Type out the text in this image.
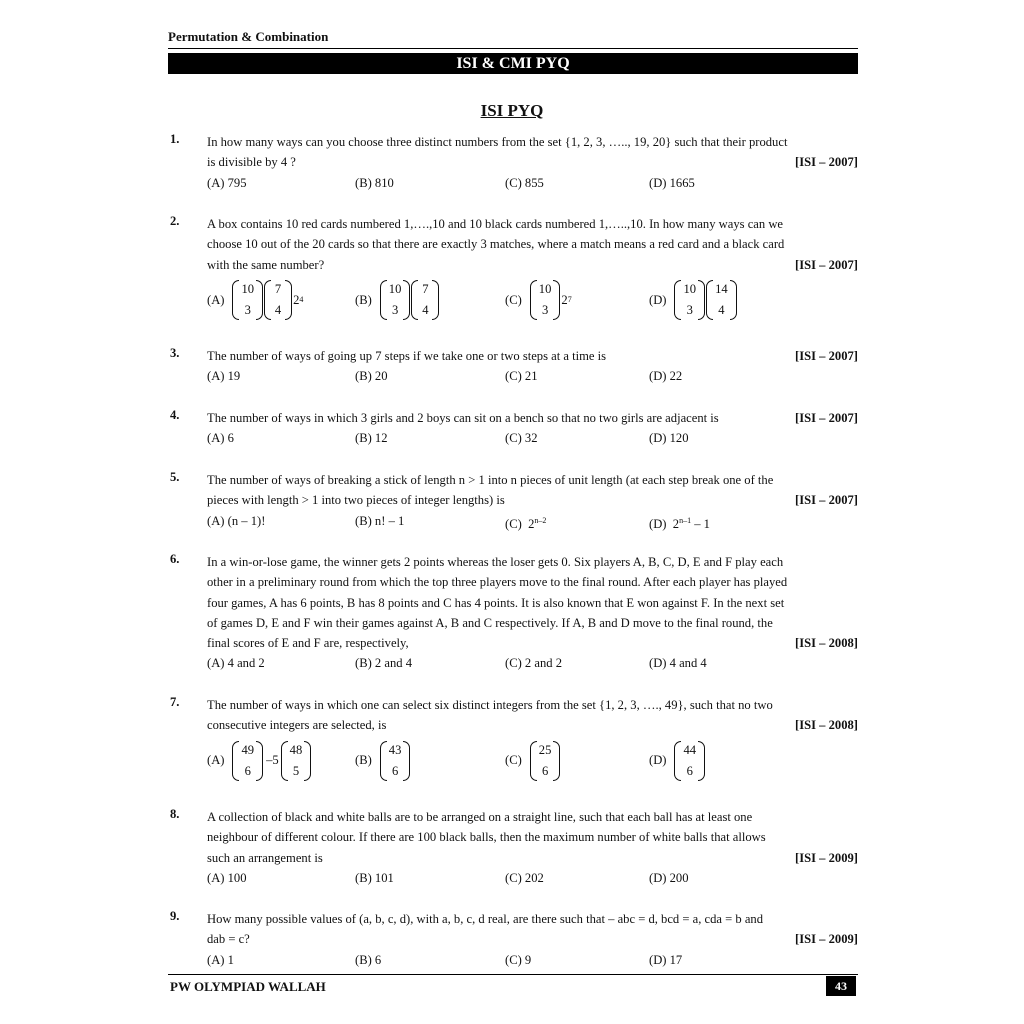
Permutation & Combination
ISI & CMI PYQ
ISI PYQ
1. In how many ways can you choose three distinct numbers from the set {1, 2, 3, ….., 19, 20} such that their product
is divisible by 4 ?	[ISI – 2007]
(A) 795	(B) 810	(C) 855	(D) 1665
2. A box contains 10 red cards numbered 1,….,10 and 10 black cards numbered 1,…..,10. In how many ways can we
choose 10 out of the 20 cards so that there are exactly 3 matches, where a match means a red card and a black card
with the same number?	[ISI – 2007]
(A)
10
3
7
4
2 4	(B)
10
3
7
4
(C)
10
3
2 7	(D)
10
3
14
4
3. The number of ways of going up 7 steps if we take one or two steps at a time is	[ISI – 2007]
(A) 19	(B) 20	(C) 21	(D) 22
4. The number of ways in which 3 girls and 2 boys can sit on a bench so that no two girls are adjacent is	[ISI – 2007]
(A) 6	(B) 12	(C) 32	(D) 120
5. The number of ways of breaking a stick of length n > 1 into n pieces of unit length (at each step break one of the
pieces with length > 1 into two pieces of integer lengths) is	[ISI – 2007]
(A) (n – 1)!	(B) n! – 1	(C) 2$^{n-2}$	(D) 2$^{n-1}$ – 1
6. In a win-or-lose game, the winner gets 2 points whereas the loser gets 0. Six players A, B, C, D, E and F play each
other in a preliminary round from which the top three players move to the final round. After each player has played
four games, A has 6 points, B has 8 points and C has 4 points. It is also known that E won against F. In the next set
of games D, E and F win their games against A, B and C respectively. If A, B and D move to the final round, the
final scores of E and F are, respectively,	[ISI – 2008]
(A) 4 and 2	(B) 2 and 4	(C) 2 and 2	(D) 4 and 4
7. The number of ways in which one can select six distinct integers from the set {1, 2, 3, …., 49}, such that no two
consecutive integers are selected, is	[ISI – 2008]
(A)
49
6
–5
48
5
(B)
43
6
(C)
25
6
(D)
44
6
8. A collection of black and white balls are to be arranged on a straight line, such that each ball has at least one
neighbour of different colour. If there are 100 black balls, then the maximum number of white balls that allows
such an arrangement is	[ISI – 2009]
(A) 100	(B) 101	(C) 202	(D) 200
9. How many possible values of (a, b, c, d), with a, b, c, d real, are there such that – abc = d, bcd = a, cda = b and
dab = c?	[ISI – 2009]
(A) 1	(B) 6	(C) 9	(D) 17
PW OLYMPIAD WALLAH	43
